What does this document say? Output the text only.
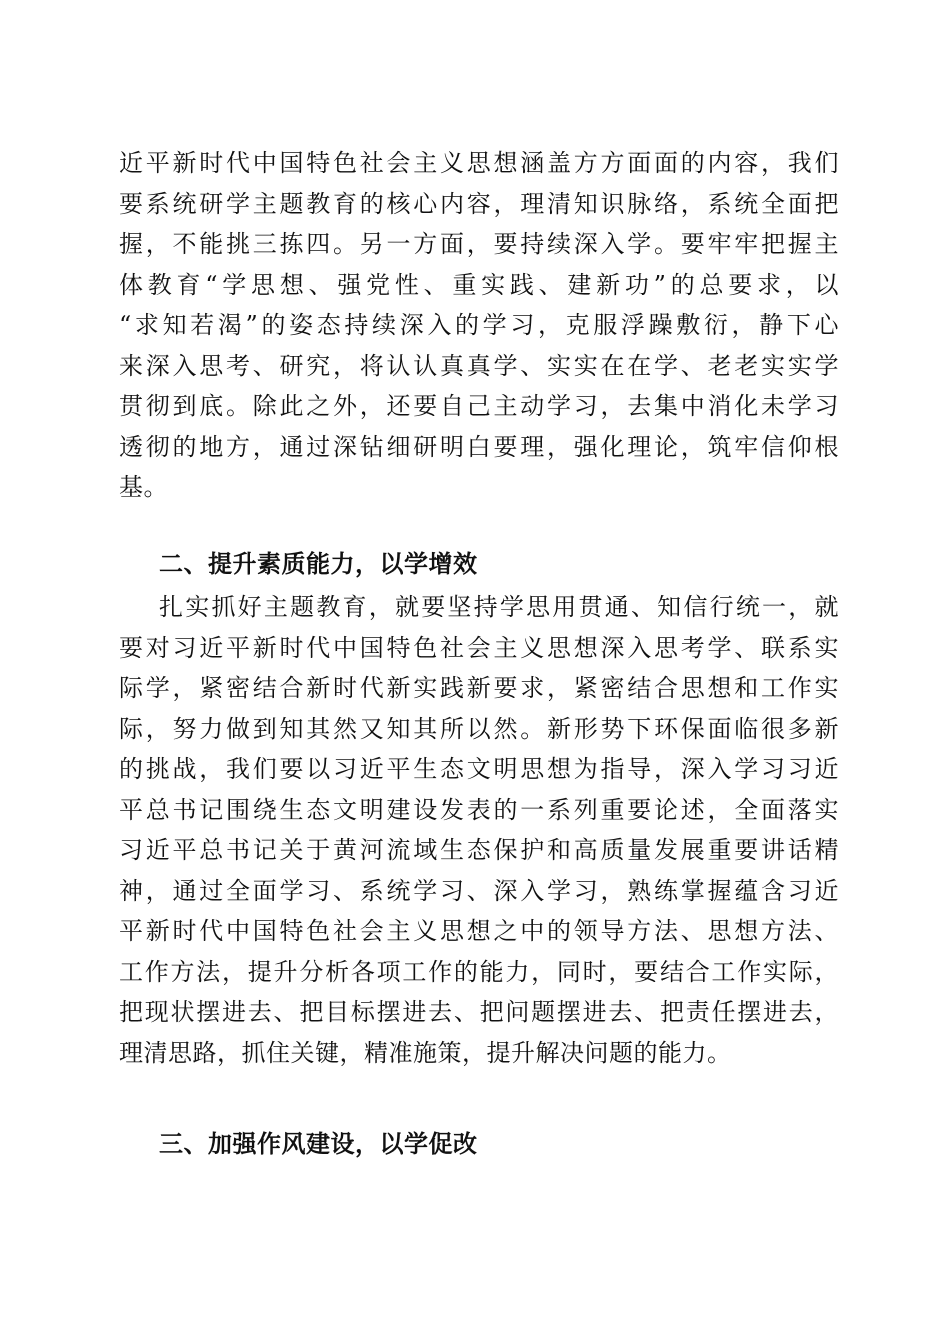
近平新时代中国特色社会主义思想涵盖方方面面的内容，我们
要系统研学主题教育的核心内容，理清知识脉络，系统全面把
握，不能挑三拣四。另一方面，要持续深入学。要牢牢把握主
体教育“学思想、强党性、重实践、建新功”的总要求，以
“求知若渴”的姿态持续深入的学习，克服浮躁敷衍，静下心
来深入思考、研究，将认认真真学、实实在在学、老老实实学
贯彻到底。除此之外，还要自己主动学习，去集中消化未学习
透彻的地方，通过深钻细研明白要理，强化理论，筑牢信仰根
基。
二、提升素质能力，以学增效
扎实抓好主题教育，就要坚持学思用贯通、知信行统一，就
要对习近平新时代中国特色社会主义思想深入思考学、联系实
际学，紧密结合新时代新实践新要求，紧密结合思想和工作实
际，努力做到知其然又知其所以然。新形势下环保面临很多新
的挑战，我们要以习近平生态文明思想为指导，深入学习习近
平总书记围绕生态文明建设发表的一系列重要论述，全面落实
习近平总书记关于黄河流域生态保护和高质量发展重要讲话精
神，通过全面学习、系统学习、深入学习，熟练掌握蕴含习近
平新时代中国特色社会主义思想之中的领导方法、思想方法、
工作方法，提升分析各项工作的能力，同时，要结合工作实际，
把现状摆进去、把目标摆进去、把问题摆进去、把责任摆进去，
理清思路，抓住关键，精准施策，提升解决问题的能力。
三、加强作风建设，以学促改
